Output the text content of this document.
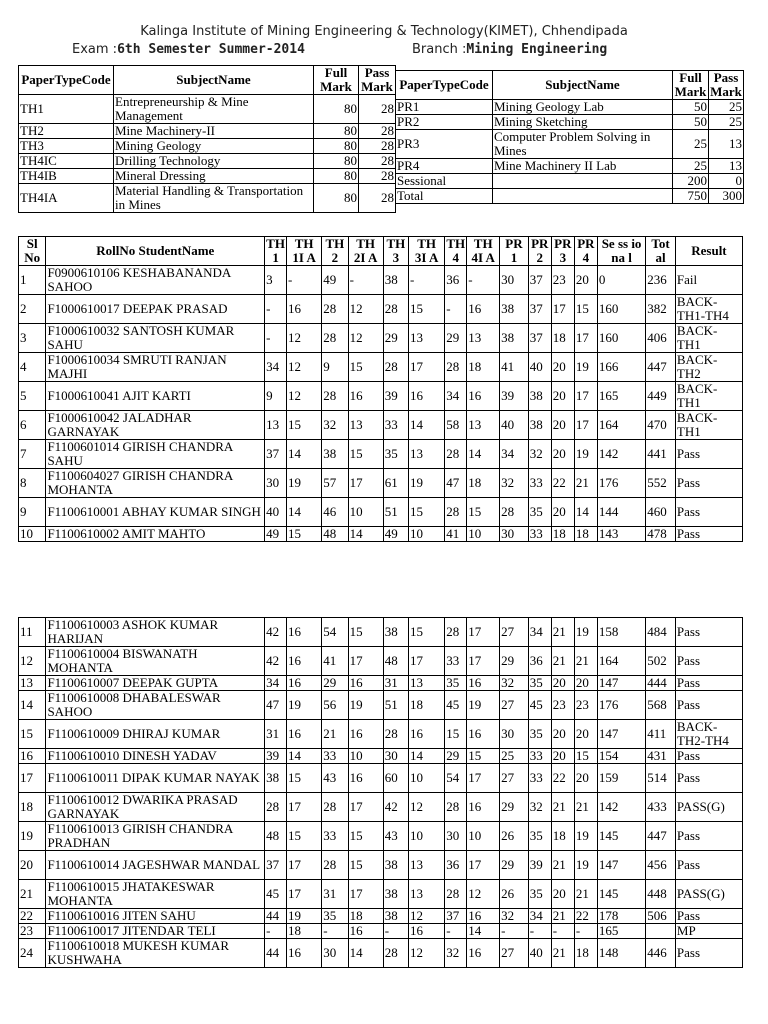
Kalinga Institute of Mining Engineering & Technology(KIMET), Chhendipada
Exam :6th Semester Summer-2014	Branch :Mining Engineering
PaperTypeCode	SubjectName	Full Mark	Pass Mark
TH1	Entrepreneurship & Mine Management	80	28
TH2	Mine Machinery-II	80	28
TH3	Mining Geology	80	28
TH4IC	Drilling Technology	80	28
TH4IB	Mineral Dressing	80	28
TH4IA	Material Handling & Transportation in Mines	80	28
PaperTypeCode	SubjectName	Full Mark	Pass Mark
PR1	Mining Geology Lab	50	25
PR2	Mining Sketching	50	25
PR3	Computer Problem Solving in Mines	25	13
PR4	Mine Machinery II Lab	25	13
Sessional		200	0
Total		750	300
Sl No	RollNo StudentName	TH 1	TH 1I A	TH 2	TH 2I A	TH 3	TH 3I A	TH 4	TH 4I A	PR 1	PR 2	PR 3	PR 4	Se ss io na l	Tot al	Result
1	F0900610106 KESHABANANDA SAHOO	3	-	49	-	38	-	36	-	30	37	23	20	0	236	Fail
2	F1000610017 DEEPAK PRASAD	-	16	28	12	28	15	-	16	38	37	17	15	160	382	BACK-TH1-TH4
3	F1000610032 SANTOSH KUMAR SAHU	-	12	28	12	29	13	29	13	38	37	18	17	160	406	BACK-TH1
4	F1000610034 SMRUTI RANJAN MAJHI	34	12	9	15	28	17	28	18	41	40	20	19	166	447	BACK-TH2
5	F1000610041 AJIT KARTI	9	12	28	16	39	16	34	16	39	38	20	17	165	449	BACK-TH1
6	F1000610042 JALADHAR GARNAYAK	13	15	32	13	33	14	58	13	40	38	20	17	164	470	BACK-TH1
7	F1100601014 GIRISH CHANDRA SAHU	37	14	38	15	35	13	28	14	34	32	20	19	142	441	Pass
8	F1100604027 GIRISH CHANDRA MOHANTA	30	19	57	17	61	19	47	18	32	33	22	21	176	552	Pass
9	F1100610001 ABHAY KUMAR SINGH	40	14	46	10	51	15	28	15	28	35	20	14	144	460	Pass
10	F1100610002 AMIT MAHTO	49	15	48	14	49	10	41	10	30	33	18	18	143	478	Pass
11	F1100610003 ASHOK KUMAR HARIJAN	42	16	54	15	38	15	28	17	27	34	21	19	158	484	Pass
12	F1100610004 BISWANATH MOHANTA	42	16	41	17	48	17	33	17	29	36	21	21	164	502	Pass
13	F1100610007 DEEPAK GUPTA	34	16	29	16	31	13	35	16	32	35	20	20	147	444	Pass
14	F1100610008 DHABALESWAR SAHOO	47	19	56	19	51	18	45	19	27	45	23	23	176	568	Pass
15	F1100610009 DHIRAJ KUMAR	31	16	21	16	28	16	15	16	30	35	20	20	147	411	BACK-TH2-TH4
16	F1100610010 DINESH YADAV	39	14	33	10	30	14	29	15	25	33	20	15	154	431	Pass
17	F1100610011 DIPAK KUMAR NAYAK	38	15	43	16	60	10	54	17	27	33	22	20	159	514	Pass
18	F1100610012 DWARIKA PRASAD GARNAYAK	28	17	28	17	42	12	28	16	29	32	21	21	142	433	PASS(G)
19	F1100610013 GIRISH CHANDRA PRADHAN	48	15	33	15	43	10	30	10	26	35	18	19	145	447	Pass
20	F1100610014 JAGESHWAR MANDAL	37	17	28	15	38	13	36	17	29	39	21	19	147	456	Pass
21	F1100610015 JHATAKESWAR MOHANTA	45	17	31	17	38	13	28	12	26	35	20	21	145	448	PASS(G)
22	F1100610016 JITEN SAHU	44	19	35	18	38	12	37	16	32	34	21	22	178	506	Pass
23	F1100610017 JITENDAR TELI	-	18	-	16	-	16	-	14	-	-	-	-	165		MP
24	F1100610018 MUKESH KUMAR KUSHWAHA	44	16	30	14	28	12	32	16	27	40	21	18	148	446	Pass
